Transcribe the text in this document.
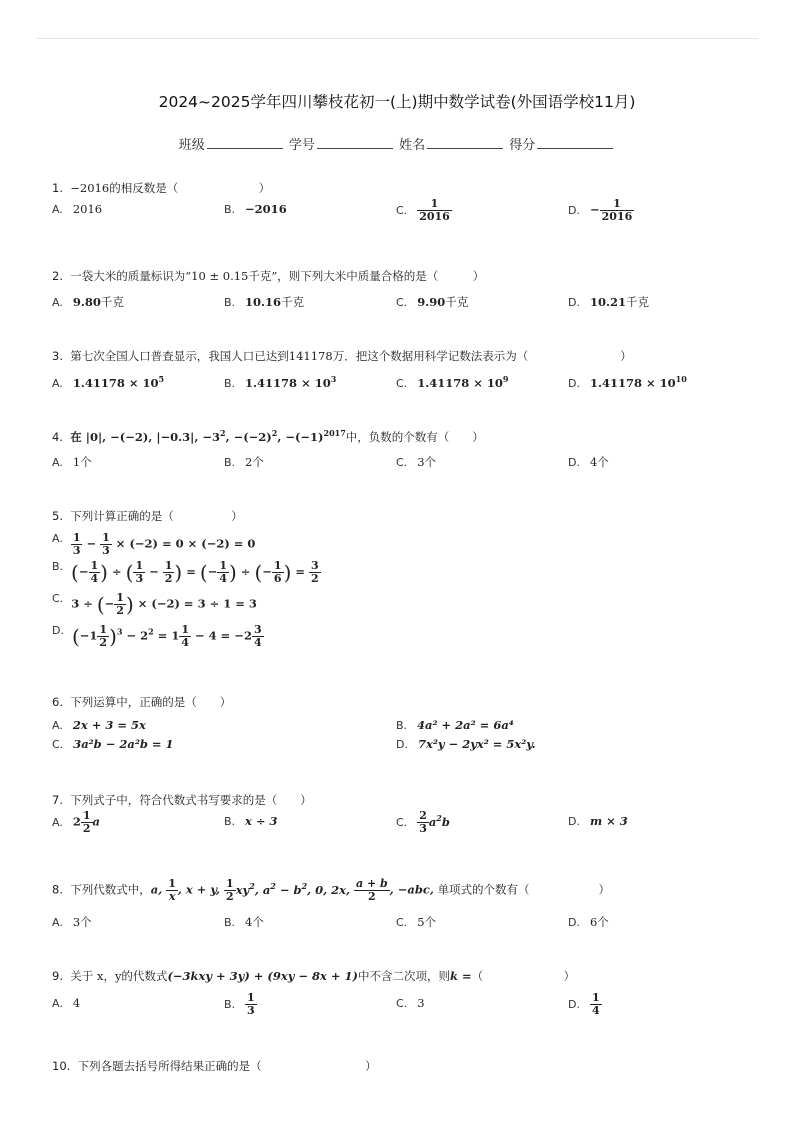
2024~2025学年四川攀枝花初一(上)期中数学试卷(外国语学校11月)
班级	学号	姓名	得分
1. −2016的相反数是（　　　　　　　）
A. 2016	B. −2016	C. $\frac{1}{2016}$	D. − $\frac{1}{2016}$
2. 一袋大米的质量标识为“10 ± 0.15千克”，则下列大米中质量合格的是（　　　）
A. 9.80千克	B. 10.16千克	C. 9.90千克	D. 10.21千克
3. 第七次全国人口普查显示，我国人口已达到141178万．把这个数据用科学记数法表示为（　　　　　　　　）
A. $1.41178 \times 10^5$	B. $1.41178 \times 10^3$	C. $1.41178 \times 10^9$	D. $1.41178 \times 10^{10}$
4. 在 |0|, −(−2), |−0.3|, $-3^2$, $-(-2)^2$, $-(-1)^{2017}$中，负数的个数有（　　）
A. 1个	B. 2个	C. 3个	D. 4个
5. 下列计算正确的是（　　　　　）
A. $\frac{1}{3} - \frac{1}{3} \times (-2) = 0 \times (-2) = 0$
B. (− $\frac{1}{4}$ ) ÷ ( $\frac{1}{3} - \frac{1}{2}$ ) = (− $\frac{1}{4}$ ) ÷ (− $\frac{1}{6}$ ) = $\frac{3}{2}$
C. 3 ÷ (− $\frac{1}{2}$ ) × (−2) = 3 ÷ 1 = 3
D. $(-1 \frac{1}{2} )^3 - 2^2 = 1 \frac{1}{4} - 4 = -2 \frac{3}{4}$
6. 下列运算中，正确的是（　　）
A. 2x + 3 = 5x	B. 4a² + 2a² = 6a⁴
C. 3a²b − 2a²b = 1	D. 7x²y − 2yx² = 5x²y.
7. 下列式子中，符合代数式书写要求的是（　　）
A. $2 \frac{1}{2}$ a	B. x ÷ 3	C. $\frac{2}{3} a^2b$	D. m × 3
8. 下列代数式中，a, $\frac{1}{x}$ , x + y, $\frac{1}{2} xy^2$, $a^2 - b^2$, 0, 2x, $\frac{a + b}{2}$ , −abc, 单项式的个数有（　　　　　　）
A. 3个	B. 4个	C. 5个	D. 6个
9. 关于 x，y的代数式(−3kxy + 3y) + (9xy − 8x + 1)中不含二次项，则k =（　　　　　　　）
A. 4	B. $\frac{1}{3}$	C. 3	D. $\frac{1}{4}$
10. 下列各题去括号所得结果正确的是（　　　　　　　　　）
